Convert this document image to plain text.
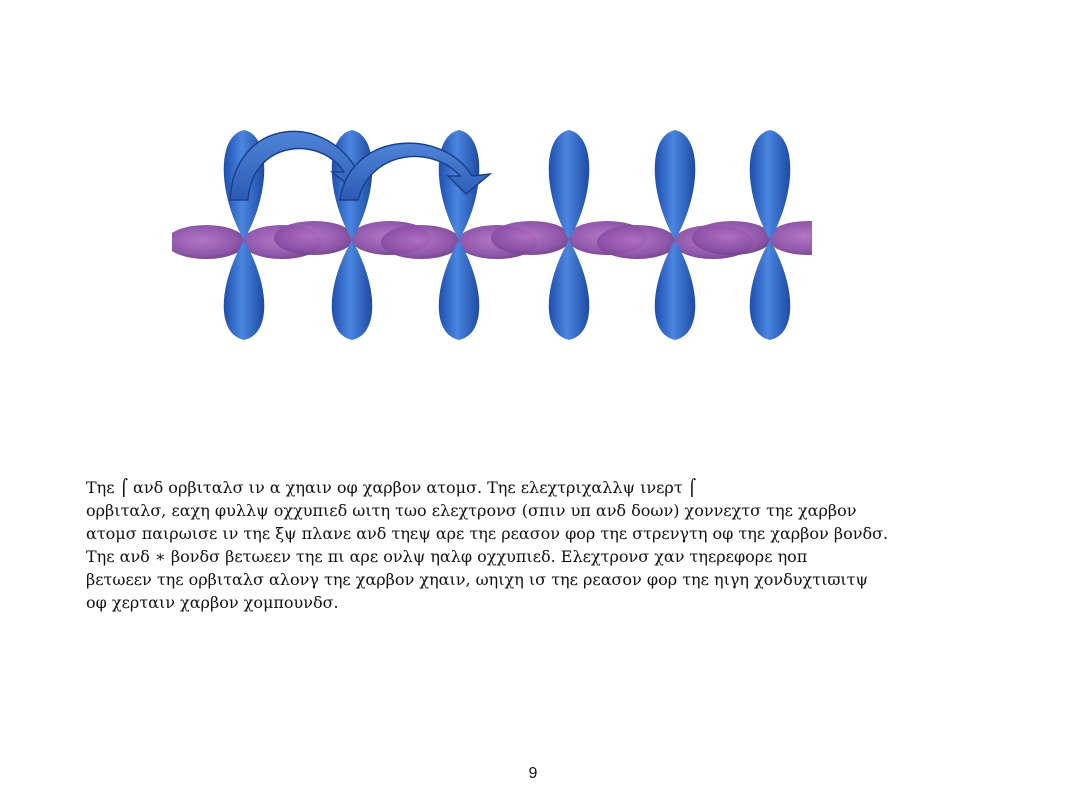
Τηε ⌠ ανδ ορβιταλσ ιν α χηαιν οφ χαρβον ατομσ. Τηε ελεχτριχαλλψ ινερτ ⌠
ορβιταλσ, εαχη φυλλψ οχχυπιεδ ωιτη τωο ελεχτρονσ (σπιν υπ ανδ δοων) χοννεχτσ τηε χαρβον
ατομσ παιρωισε ιν τηε ξψ πλανε ανδ τηεψ αρε τηε ρεασον φορ τηε στρενγτη οφ τηε χαρβον βονδσ.
Τηε ανδ ∗ βονδσ βετωεεν τηε πι αρε ονλψ ηαλφ οχχυπιεδ. Ελεχτρονσ χαν τηερεφορε ηοπ
βετωεεν τηε ορβιταλσ αλονγ τηε χαρβον χηαιν, ωηιχη ισ τηε ρεασον φορ τηε ηιγη χονδυχτιϖιτψ
οφ χερταιν χαρβον χομπουνδσ.
9
